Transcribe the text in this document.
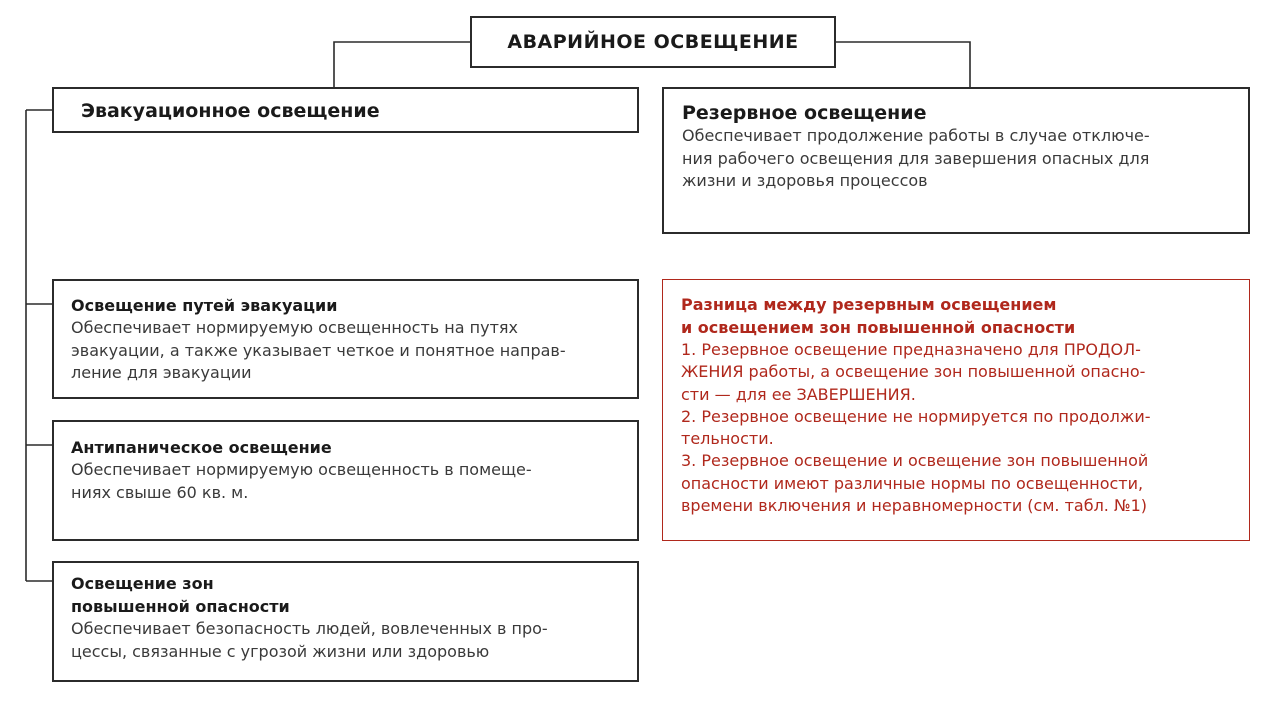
АВАРИЙНОЕ ОСВЕЩЕНИЕ
Эвакуационное освещение	Резервное освещение

Обеспечивает продолжение работы в случае отключе-
ния рабочего освещения для завершения опасных для
жизни и здоровья процессов

Освещение путей эвакуации

Обеспечивает нормируемую освещенность на путях
эвакуации, а также указывает четкое и понятное направ-
ление для эвакуации

Антипаническое освещение

Обеспечивает нормируемую освещенность в помеще-
ниях свыше 60 кв. м.

Освещение зон
повышенной опасности

Обеспечивает безопасность людей, вовлеченных в про-
цессы, связанные с угрозой жизни или здоровью

Разница между резервным освещением
и освещением зон повышенной опасности

1. Резервное освещение предназначено для ПРОДОЛ-
ЖЕНИЯ работы, а освещение зон повышенной опасно-
сти — для ее ЗАВЕРШЕНИЯ.
2. Резервное освещение не нормируется по продолжи-
тельности.
3. Резервное освещение и освещение зон повышенной
опасности имеют различные нормы по освещенности,
времени включения и неравномерности (см. табл. №1)
